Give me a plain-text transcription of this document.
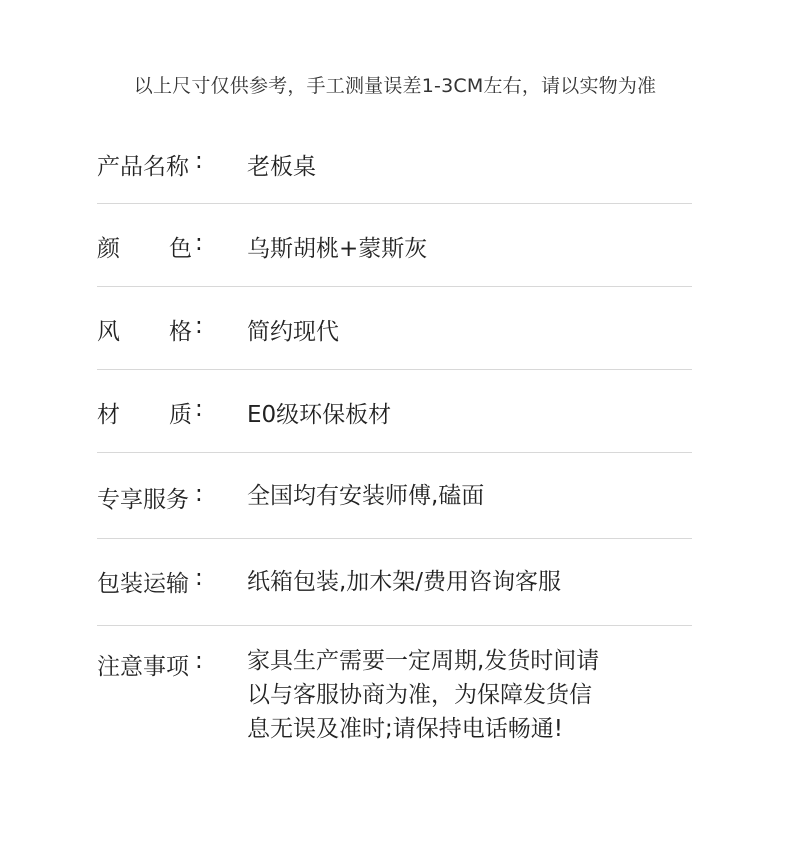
以上尺寸仅供参考，手工测量误差1-3CM左右，请以实物为准
产品名称 : 老板桌
颜 色 : 乌斯胡桃+蒙斯灰
风 格 : 简约现代
材 质 : E0级环保板材
专享服务 : 全国均有安装师傅,磕面
包装运输 : 纸箱包装,加木架/费用咨询客服
注意事项 : 家具生产需要一定周期,发货时间请以与客服协商为准，为保障发货信息无误及准时;请保持电话畅通!
